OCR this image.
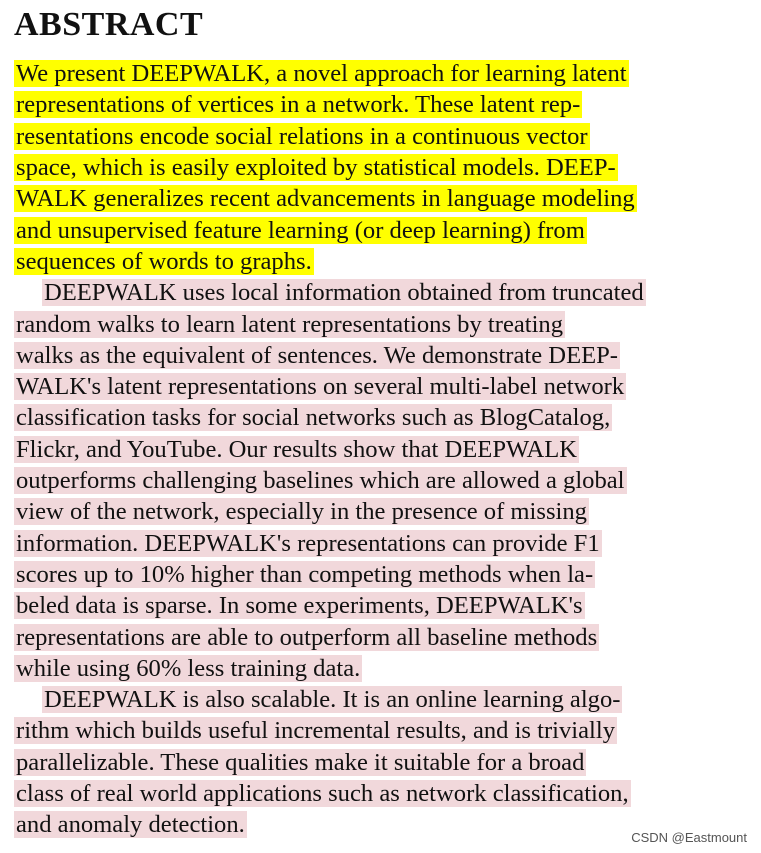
ABSTRACT
We present DEEPWALK, a novel approach for learning latent
representations of vertices in a network. These latent rep-
resentations encode social relations in a continuous vector
space, which is easily exploited by statistical models. DEEP-
WALK generalizes recent advancements in language modeling
and unsupervised feature learning (or deep learning) from
sequences of words to graphs.
DEEPWALK uses local information obtained from truncated
random walks to learn latent representations by treating
walks as the equivalent of sentences. We demonstrate DEEP-
WALK's latent representations on several multi-label network
classification tasks for social networks such as BlogCatalog,
Flickr, and YouTube. Our results show that DEEPWALK
outperforms challenging baselines which are allowed a global
view of the network, especially in the presence of missing
information. DEEPWALK's representations can provide F1
scores up to 10% higher than competing methods when la-
beled data is sparse. In some experiments, DEEPWALK's
representations are able to outperform all baseline methods
while using 60% less training data.
DEEPWALK is also scalable. It is an online learning algo-
rithm which builds useful incremental results, and is trivially
parallelizable. These qualities make it suitable for a broad
class of real world applications such as network classification,
and anomaly detection.	CSDN @Eastmount
